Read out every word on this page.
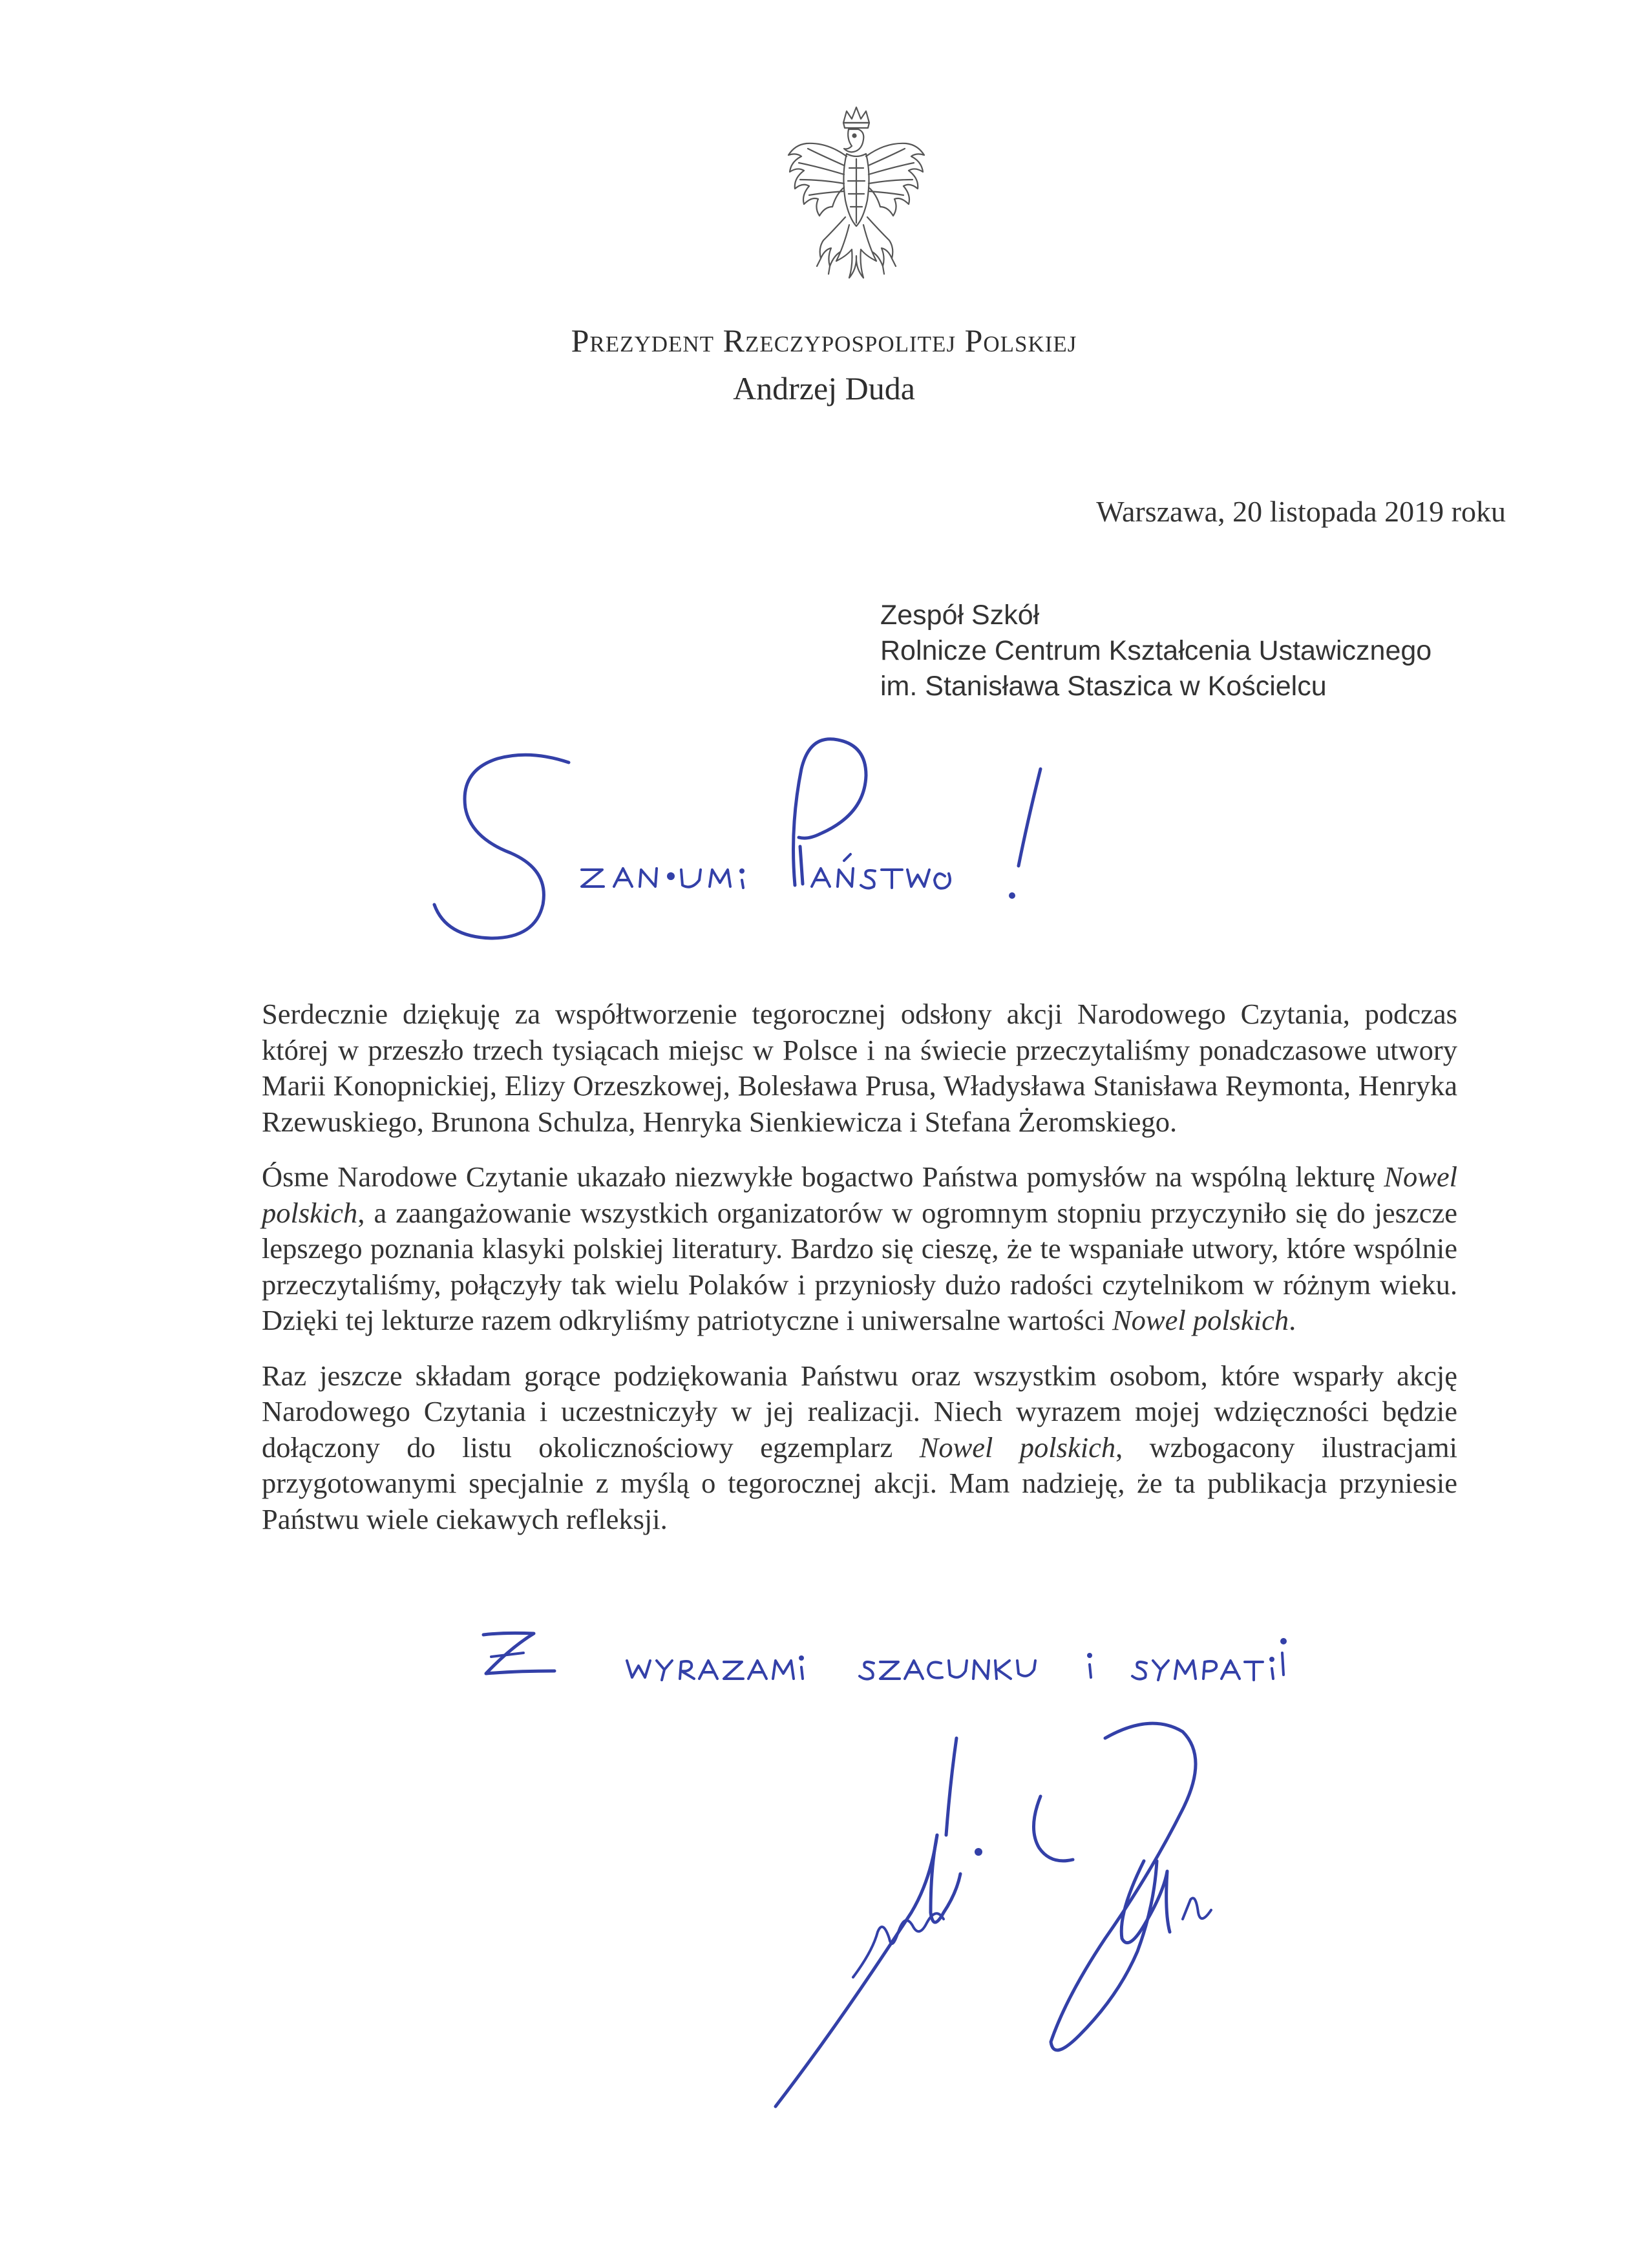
Prezydent Rzeczypospolitej Polskiej
Andrzej Duda
Warszawa, 20 listopada 2019 roku
Zespół Szkół
Rolnicze Centrum Kształcenia Ustawicznego
im. Stanisława Staszica w Kościelcu

Serdecznie dziękuję za współtworzenie tegorocznej odsłony akcji Narodowego Czytania, podczas której w przeszło trzech tysiącach miejsc w Polsce i na świecie przeczytaliśmy ponadczasowe utwory Marii Konopnickiej, Elizy Orzeszkowej, Bolesława Prusa, Władysława Stanisława Reymonta, Henryka Rzewuskiego, Brunona Schulza, Henryka Sienkiewicza i Stefana Żeromskiego.

Ósme Narodowe Czytanie ukazało niezwykłe bogactwo Państwa pomysłów na wspólną lekturę Nowel polskich, a zaangażowanie wszystkich organizatorów w ogromnym stopniu przyczyniło się do jeszcze lepszego poznania klasyki polskiej literatury. Bardzo się cieszę, że te wspaniałe utwory, które wspólnie przeczytaliśmy, połączyły tak wielu Polaków i przyniosły dużo radości czytelnikom w różnym wieku. Dzięki tej lekturze razem odkryliśmy patriotyczne i uniwersalne wartości Nowel polskich.

Raz jeszcze składam gorące podziękowania Państwu oraz wszystkim osobom, które wsparły akcję Narodowego Czytania i uczestniczyły w jej realizacji. Niech wyrazem mojej wdzięczności będzie dołączony do listu okolicznościowy egzemplarz Nowel polskich, wzbogacony ilustracjami przygotowanymi specjalnie z myślą o tegorocznej akcji. Mam nadzieję, że ta publikacja przyniesie Państwu wiele ciekawych refleksji.
